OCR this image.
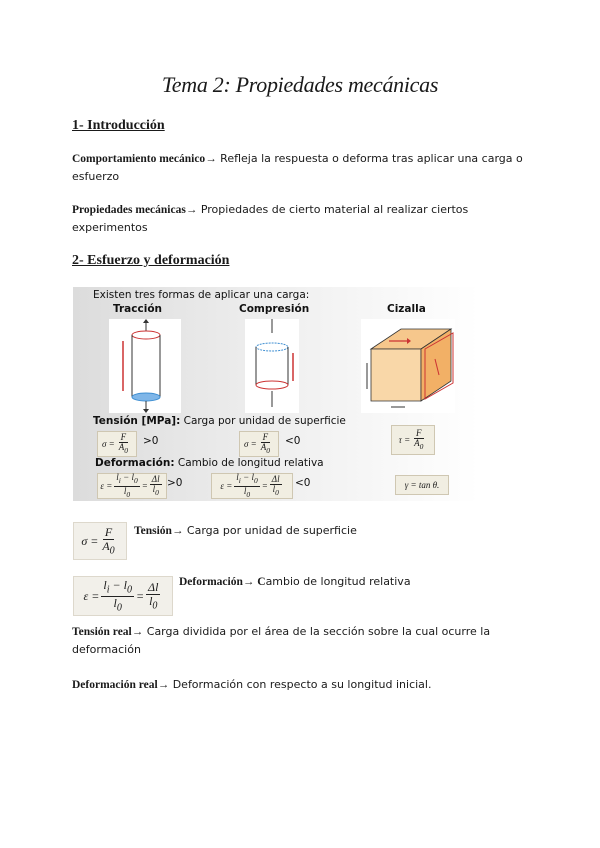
Tema 2: Propiedades mecánicas
1- Introducción
Comportamiento mecánico→ Refleja la respuesta o deforma tras aplicar una carga o esfuerzo
Propiedades mecánicas→ Propiedades de cierto material al realizar ciertos experimentos
2- Esfuerzo y deformación
Existen tres formas de aplicar una carga:
Tracción	Compresión	Cizalla
Tensión [MPa]: Carga por unidad de superficie
$\sigma = \frac{F}{A_0} >0$	$\sigma = \frac{F}{A_0} <0$	$\tau = \frac{F}{A_0}$
Deformación: Cambio de longitud relativa
$\varepsilon = \frac{l_i - l_0}{l_0} = \frac{\Delta l}{l_0} >0$	$\varepsilon = \frac{l_i - l_0}{l_0} = \frac{\Delta l}{l_0} <0$	γ = tan θ.
$\sigma = \frac{F}{A_0}$ Tensión→ Carga por unidad de superficie
$\varepsilon = \frac{l_i - l_0}{l_0} = \frac{\Delta l}{l_0}$ Deformación→ Cambio de longitud relativa
Tensión real→ Carga dividida por el área de la sección sobre la cual ocurre la deformación
Deformación real→ Deformación con respecto a su longitud inicial.
